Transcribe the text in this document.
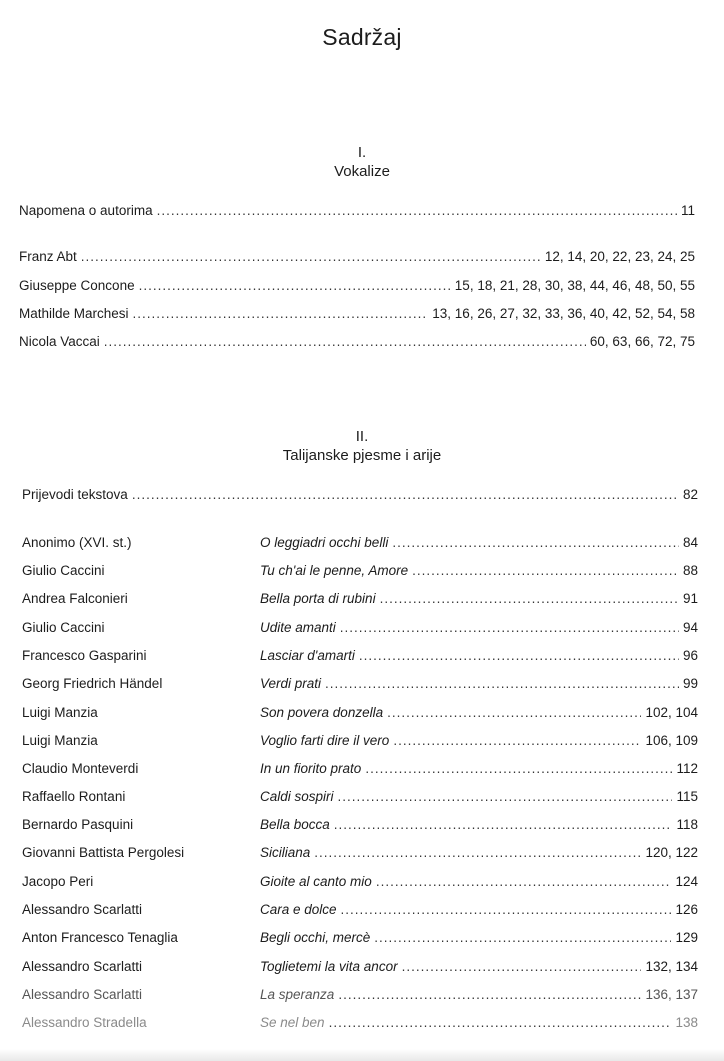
Sadržaj
I.
Vokalize
Napomena o autorima .....	11
Franz Abt .....	12, 14, 20, 22, 23, 24, 25
Giuseppe Concone .....	15, 18, 21, 28, 30, 38, 44, 46, 48, 50, 55
Mathilde Marchesi .....	13, 16, 26, 27, 32, 33, 36, 40, 42, 52, 54, 58
Nicola Vaccai .....	60, 63, 66, 72, 75
II.
Talijanske pjesme i arije
Prijevodi tekstova .....	82
Anonimo (XVI. st.)	O leggiadri occhi belli .....	84
Giulio Caccini	Tu ch'ai le penne, Amore .....	88
Andrea Falconieri	Bella porta di rubini .....	91
Giulio Caccini	Udite amanti .....	94
Francesco Gasparini	Lasciar d'amarti .....	96
Georg Friedrich Händel	Verdi prati .....	99
Luigi Manzia	Son povera donzella .....	102, 104
Luigi Manzia	Voglio farti dire il vero .....	106, 109
Claudio Monteverdi	In un fiorito prato .....	112
Raffaello Rontani	Caldi sospiri .....	115
Bernardo Pasquini	Bella bocca .....	118
Giovanni Battista Pergolesi	Siciliana .....	120, 122
Jacopo Peri	Gioite al canto mio .....	124
Alessandro Scarlatti	Cara e dolce .....	126
Anton Francesco Tenaglia	Begli occhi, mercè .....	129
Alessandro Scarlatti	Toglietemi la vita ancor .....	132, 134
Alessandro Scarlatti	La speranza .....	136, 137
Alessandro Stradella	Se nel ben .....	138
